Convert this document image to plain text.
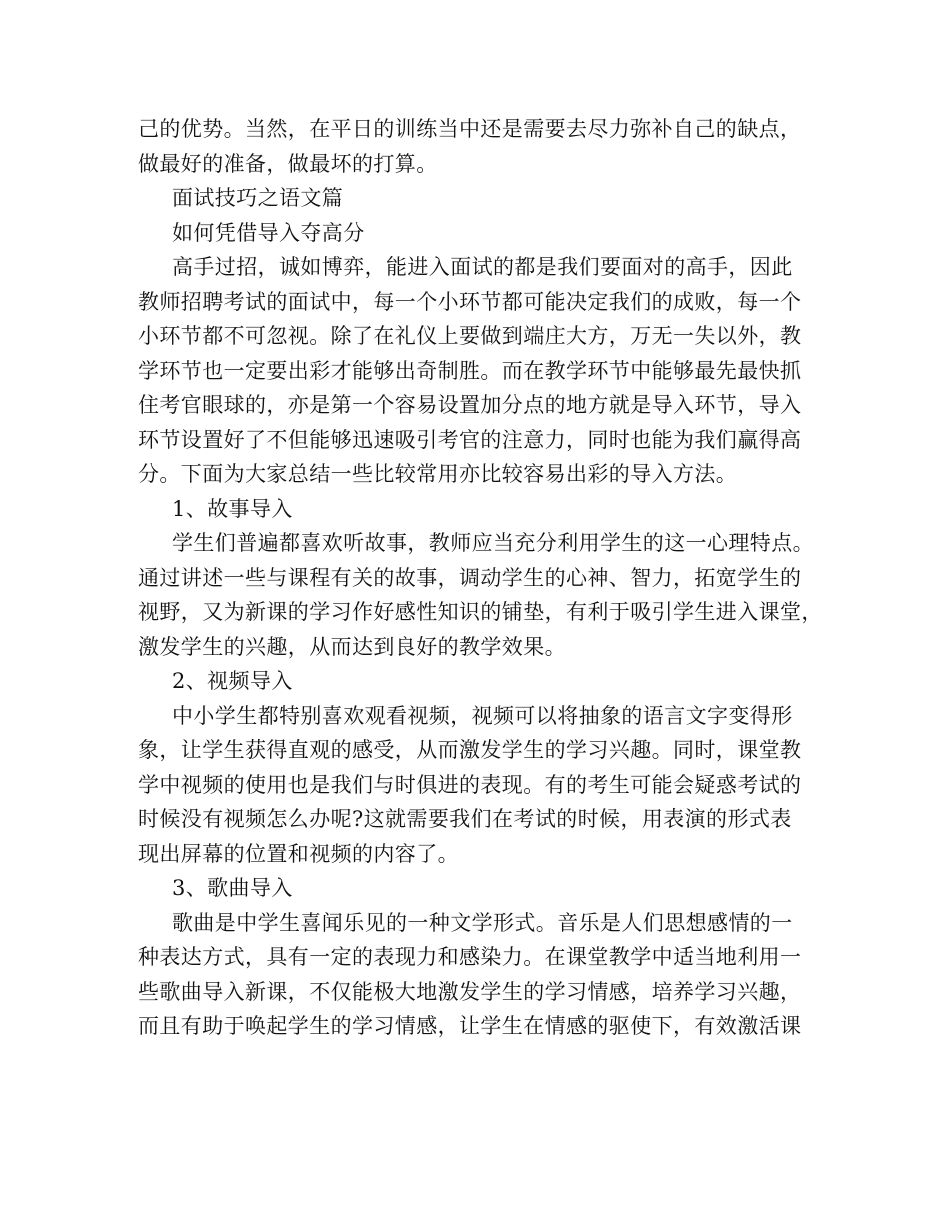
己的优势。当然，在平日的训练当中还是需要去尽力弥补自己的缺点，
做最好的准备，做最坏的打算。
面试技巧之语文篇
如何凭借导入夺高分
高手过招，诚如博弈，能进入面试的都是我们要面对的高手，因此
教师招聘考试的面试中，每一个小环节都可能决定我们的成败，每一个
小环节都不可忽视。除了在礼仪上要做到端庄大方，万无一失以外，教
学环节也一定要出彩才能够出奇制胜。而在教学环节中能够最先最快抓
住考官眼球的，亦是第一个容易设置加分点的地方就是导入环节，导入
环节设置好了不但能够迅速吸引考官的注意力，同时也能为我们赢得高
分。下面为大家总结一些比较常用亦比较容易出彩的导入方法。
1、故事导入
学生们普遍都喜欢听故事，教师应当充分利用学生的这一心理特点。
通过讲述一些与课程有关的故事，调动学生的心神、智力，拓宽学生的
视野，又为新课的学习作好感性知识的铺垫，有利于吸引学生进入课堂，
激发学生的兴趣，从而达到良好的教学效果。
2、视频导入
中小学生都特别喜欢观看视频，视频可以将抽象的语言文字变得形
象，让学生获得直观的感受，从而激发学生的学习兴趣。同时，课堂教
学中视频的使用也是我们与时俱进的表现。有的考生可能会疑惑考试的
时候没有视频怎么办呢?这就需要我们在考试的时候，用表演的形式表
现出屏幕的位置和视频的内容了。
3、歌曲导入
歌曲是中学生喜闻乐见的一种文学形式。音乐是人们思想感情的一
种表达方式，具有一定的表现力和感染力。在课堂教学中适当地利用一
些歌曲导入新课，不仅能极大地激发学生的学习情感，培养学习兴趣，
而且有助于唤起学生的学习情感，让学生在情感的驱使下，有效激活课
